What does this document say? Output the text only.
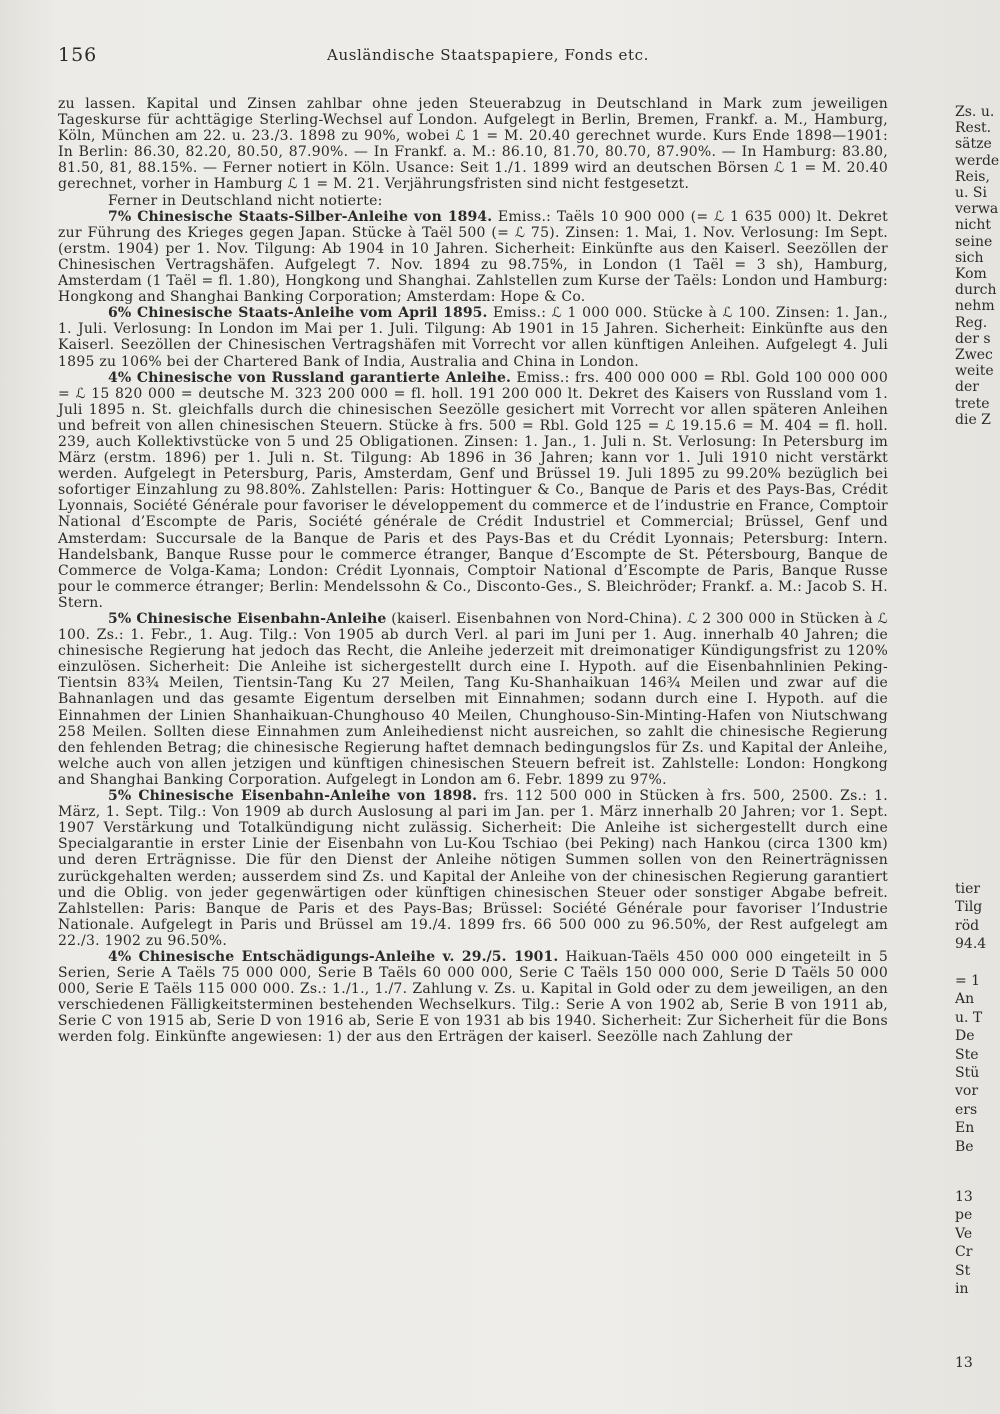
Ausländische Staatspapiere, Fonds etc.
156

zu lassen. Kapital und Zinsen zahlbar ohne jeden Steuerabzug in Deutschland in Mark zum jeweiligen Tageskurse für achttägige Sterling-Wechsel auf London. Aufgelegt in Berlin, Bremen, Frankf. a. M., Hamburg, Köln, München am 22. u. 23./3. 1898 zu 90%, wobei ℒ 1 = M. 20.40 gerechnet wurde. Kurs Ende 1898—1901: In Berlin: 86.30, 82.20, 80.50, 87.90%. — In Frankf. a. M.: 86.10, 81.70, 80.70, 87.90%. — In Hamburg: 83.80, 81.50, 81, 88.15%. — Ferner notiert in Köln. Usance: Seit 1./1. 1899 wird an deutschen Börsen ℒ 1 = M. 20.40 gerechnet, vorher in Hamburg ℒ 1 = M. 21. Verjährungsfristen sind nicht festgesetzt.

Ferner in Deutschland nicht notierte:

7% Chinesische Staats-Silber-Anleihe von 1894. Emiss.: Taëls 10 900 000 (= ℒ 1 635 000) lt. Dekret zur Führung des Krieges gegen Japan. Stücke à Taël 500 (= ℒ 75). Zinsen: 1. Mai, 1. Nov. Verlosung: Im Sept. (erstm. 1904) per 1. Nov. Tilgung: Ab 1904 in 10 Jahren. Sicherheit: Einkünfte aus den Kaiserl. Seezöllen der Chinesischen Vertragshäfen. Aufgelegt 7. Nov. 1894 zu 98.75%, in London (1 Taël = 3 sh), Hamburg, Amsterdam (1 Taël = fl. 1.80), Hongkong und Shanghai. Zahlstellen zum Kurse der Taëls: London und Hamburg: Hongkong and Shanghai Banking Corporation; Amsterdam: Hope & Co.

6% Chinesische Staats-Anleihe vom April 1895. Emiss.: ℒ 1 000 000. Stücke à ℒ 100. Zinsen: 1. Jan., 1. Juli. Verlosung: In London im Mai per 1. Juli. Tilgung: Ab 1901 in 15 Jahren. Sicherheit: Einkünfte aus den Kaiserl. Seezöllen der Chinesischen Vertragshäfen mit Vorrecht vor allen künftigen Anleihen. Aufgelegt 4. Juli 1895 zu 106% bei der Chartered Bank of India, Australia and China in London.

4% Chinesische von Russland garantierte Anleihe. Emiss.: frs. 400 000 000 = Rbl. Gold 100 000 000 = ℒ 15 820 000 = deutsche M. 323 200 000 = fl. holl. 191 200 000 lt. Dekret des Kaisers von Russland vom 1. Juli 1895 n. St. gleichfalls durch die chinesischen Seezölle gesichert mit Vorrecht vor allen späteren Anleihen und befreit von allen chinesischen Steuern. Stücke à frs. 500 = Rbl. Gold 125 = ℒ 19.15.6 = M. 404 = fl. holl. 239, auch Kollektivstücke von 5 und 25 Obligationen. Zinsen: 1. Jan., 1. Juli n. St. Verlosung: In Petersburg im März (erstm. 1896) per 1. Juli n. St. Tilgung: Ab 1896 in 36 Jahren; kann vor 1. Juli 1910 nicht verstärkt werden. Aufgelegt in Petersburg, Paris, Amsterdam, Genf und Brüssel 19. Juli 1895 zu 99.20% bezüglich bei sofortiger Einzahlung zu 98.80%. Zahlstellen: Paris: Hottinguer & Co., Banque de Paris et des Pays-Bas, Crédit Lyonnais, Société Générale pour favoriser le développement du commerce et de l’industrie en France, Comptoir National d’Escompte de Paris, Société générale de Crédit Industriel et Commercial; Brüssel, Genf und Amsterdam: Succursale de la Banque de Paris et des Pays-Bas et du Crédit Lyonnais; Petersburg: Intern. Handelsbank, Banque Russe pour le commerce étranger, Banque d’Escompte de St. Pétersbourg, Banque de Commerce de Volga-Kama; London: Crédit Lyonnais, Comptoir National d’Escompte de Paris, Banque Russe pour le commerce étranger; Berlin: Mendelssohn & Co., Disconto-Ges., S. Bleichröder; Frankf. a. M.: Jacob S. H. Stern.

5% Chinesische Eisenbahn-Anleihe (kaiserl. Eisenbahnen von Nord-China). ℒ 2 300 000 in Stücken à ℒ 100. Zs.: 1. Febr., 1. Aug. Tilg.: Von 1905 ab durch Verl. al pari im Juni per 1. Aug. innerhalb 40 Jahren; die chinesische Regierung hat jedoch das Recht, die Anleihe jederzeit mit dreimonatiger Kündigungsfrist zu 120% einzulösen. Sicherheit: Die Anleihe ist sichergestellt durch eine I. Hypoth. auf die Eisenbahnlinien Peking-Tientsin 83¾ Meilen, Tientsin-Tang Ku 27 Meilen, Tang Ku-Shanhaikuan 146¾ Meilen und zwar auf die Bahnanlagen und das gesamte Eigentum derselben mit Einnahmen; sodann durch eine I. Hypoth. auf die Einnahmen der Linien Shanhaikuan-Chunghouso 40 Meilen, Chunghouso-Sin-Minting-Hafen von Niutschwang 258 Meilen. Sollten diese Einnahmen zum Anleihedienst nicht ausreichen, so zahlt die chinesische Regierung den fehlenden Betrag; die chinesische Regierung haftet demnach bedingungslos für Zs. und Kapital der Anleihe, welche auch von allen jetzigen und künftigen chinesischen Steuern befreit ist. Zahlstelle: London: Hongkong and Shanghai Banking Corporation. Aufgelegt in London am 6. Febr. 1899 zu 97%.

5% Chinesische Eisenbahn-Anleihe von 1898. frs. 112 500 000 in Stücken à frs. 500, 2500. Zs.: 1. März, 1. Sept. Tilg.: Von 1909 ab durch Auslosung al pari im Jan. per 1. März innerhalb 20 Jahren; vor 1. Sept. 1907 Verstärkung und Totalkündigung nicht zulässig. Sicherheit: Die Anleihe ist sichergestellt durch eine Specialgarantie in erster Linie der Eisenbahn von Lu-Kou Tschiao (bei Peking) nach Hankou (circa 1300 km) und deren Erträgnisse. Die für den Dienst der Anleihe nötigen Summen sollen von den Reinerträgnissen zurückgehalten werden; ausserdem sind Zs. und Kapital der Anleihe von der chinesischen Regierung garantiert und die Oblig. von jeder gegenwärtigen oder künftigen chinesischen Steuer oder sonstiger Abgabe befreit. Zahlstellen: Paris: Banque de Paris et des Pays-Bas; Brüssel: Société Générale pour favoriser l’Industrie Nationale. Aufgelegt in Paris und Brüssel am 19./4. 1899 frs. 66 500 000 zu 96.50%, der Rest aufgelegt am 22./3. 1902 zu 96.50%.

4% Chinesische Entschädigungs-Anleihe v. 29./5. 1901. Haikuan-Taëls 450 000 000 eingeteilt in 5 Serien, Serie A Taëls 75 000 000, Serie B Taëls 60 000 000, Serie C Taëls 150 000 000, Serie D Taëls 50 000 000, Serie E Taëls 115 000 000. Zs.: 1./1., 1./7. Zahlung v. Zs. u. Kapital in Gold oder zu dem jeweiligen, an den verschiedenen Fälligkeitsterminen bestehenden Wechselkurs. Tilg.: Serie A von 1902 ab, Serie B von 1911 ab, Serie C von 1915 ab, Serie D von 1916 ab, Serie E von 1931 ab bis 1940. Sicherheit: Zur Sicherheit für die Bons werden folg. Einkünfte angewiesen: 1) der aus den Erträgen der kaiserl. Seezölle nach Zahlung der

Zs. u.
Rest.
sätze
werde
Reis,
u. Si
verwa
nicht
seine
sich
Kom
durch
nehm
Reg.
der s
Zwec
weite
der
trete
die Z
tier
Tilg
röd
94.4

= 1
An
u. T
De
Ste
Stü
vor
ers
En
Be
13
pe
Ve
Cr
St
in

13
